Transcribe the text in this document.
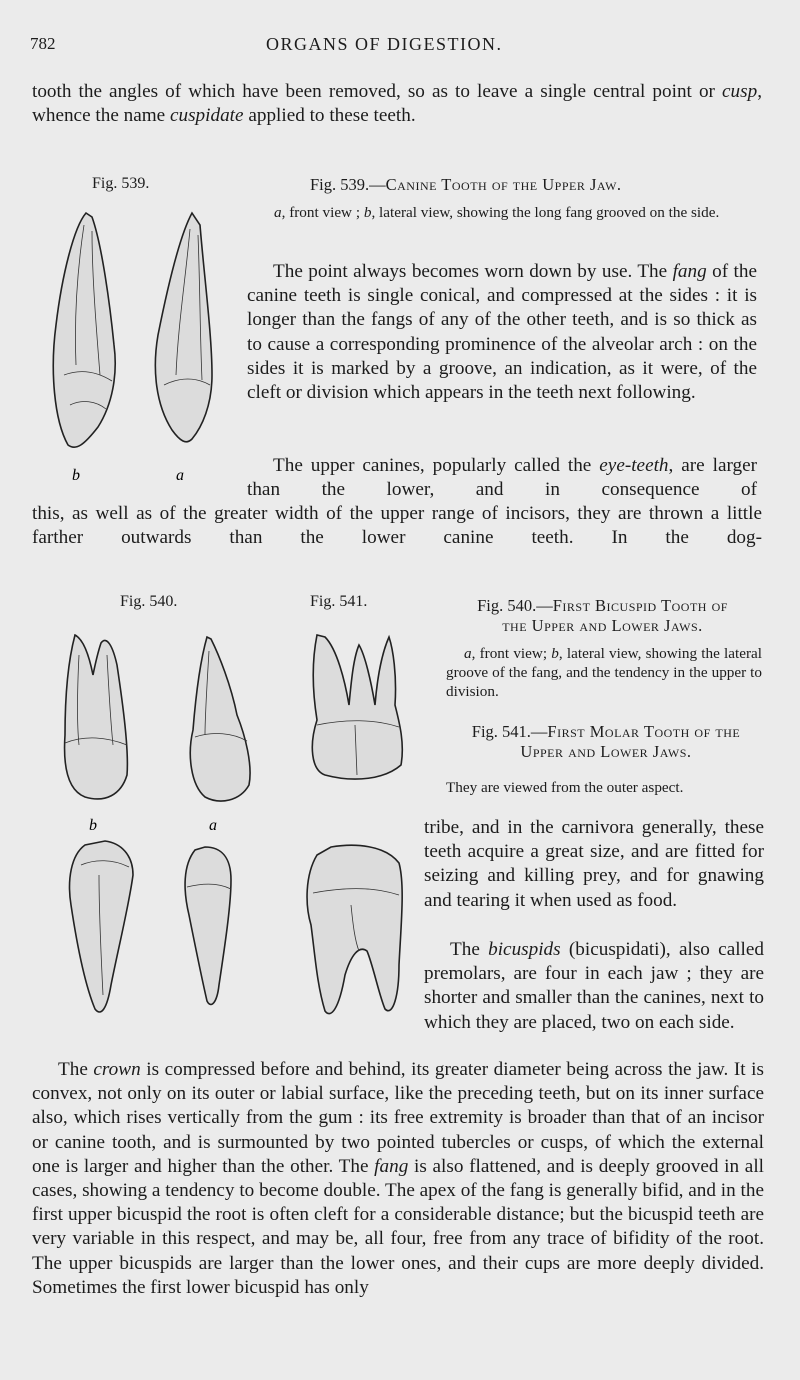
782	ORGANS OF DIGESTION.

tooth the angles of which have been removed, so as to leave a single central point or cusp, whence the name cuspidate applied to these teeth.

Fig. 539.	Fig. 539.—Canine Tooth of the Upper Jaw.
a, front view ; b, lateral view, showing the long fang grooved on the side.
b	a

The point always becomes worn down by use. The fang of the canine teeth is single conical, and compressed at the sides : it is longer than the fangs of any of the other teeth, and is so thick as to cause a corresponding prominence of the alveolar arch : on the sides it is marked by a groove, an indication, as it were, of the cleft or division which appears in the teeth next following.

The upper canines, popularly called the eye-teeth, are larger than the lower, and in consequence of

this, as well as of the greater width of the upper range of incisors, they are thrown a little farther outwards than the lower canine teeth. In the dog-

Fig. 540.	Fig. 541.	Fig. 540.—First Bicuspid Tooth of
the Upper and Lower Jaws.
a, front view; b, lateral view, showing the lateral groove of the fang, and the tendency in the upper to division.
Fig. 541.—First Molar Tooth of the
Upper and Lower Jaws.
They are viewed from the outer aspect.
b	a	tribe, and in the carnivora generally, these teeth acquire a great size, and are fitted for seizing and killing prey, and for gnawing and tearing it when used as food.

The bicuspids (bicuspidati), also called premolars, are four in each jaw ; they are shorter and smaller than the canines, next to which they are placed, two on each side.

The crown is compressed before and behind, its greater diameter being across the jaw. It is convex, not only on its outer or labial surface, like the preceding teeth, but on its inner surface also, which rises vertically from the gum : its free extremity is broader than that of an incisor or canine tooth, and is surmounted by two pointed tubercles or cusps, of which the external one is larger and higher than the other. The fang is also flattened, and is deeply grooved in all cases, showing a tendency to become double. The apex of the fang is generally bifid, and in the first upper bicuspid the root is often cleft for a considerable distance; but the bicuspid teeth are very variable in this respect, and may be, all four, free from any trace of bifidity of the root. The upper bicuspids are larger than the lower ones, and their cups are more deeply divided. Sometimes the first lower bicuspid has only
